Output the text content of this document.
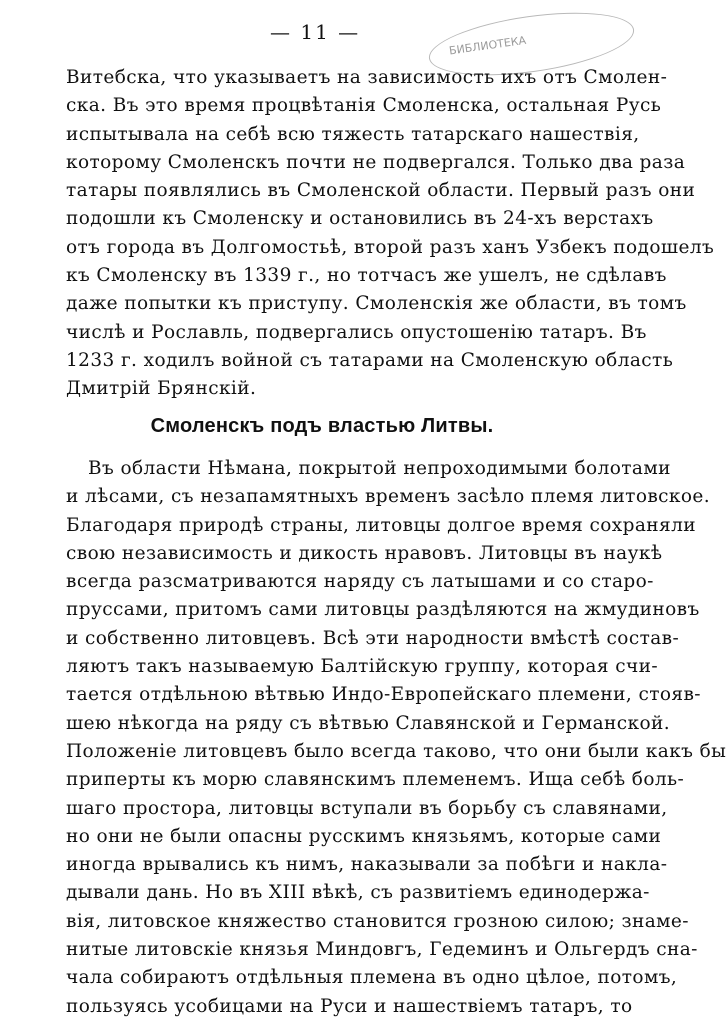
— 11 —
БИБЛИОТЕКА
Витебска, что указываетъ на зависимость ихъ отъ Смолен-
ска. Въ это время процвѣтанія Смоленска, остальная Русь
испытывала на себѣ всю тяжесть татарскаго нашествія,
которому Смоленскъ почти не подвергался. Только два раза
татары появлялись въ Смоленской области. Первый разъ они
подошли къ Смоленску и остановились въ 24-хъ верстахъ
отъ города въ Долгомостьѣ, второй разъ ханъ Узбекъ подошелъ
къ Смоленску въ 1339 г., но тотчасъ же ушелъ, не сдѣлавъ
даже попытки къ приступу. Смоленскія же области, въ томъ
числѣ и Рославль, подвергались опустошенію татаръ. Въ
1233 г. ходилъ войной съ татарами на Смоленскую область
Дмитрій Брянскій.
Смоленскъ подъ властью Литвы.
Въ области Нѣмана, покрытой непроходимыми болотами
и лѣсами, съ незапамятныхъ временъ засѣло племя литовское.
Благодаря природѣ страны, литовцы долгое время сохраняли
свою независимость и дикость нравовъ. Литовцы въ наукѣ
всегда разсматриваются наряду съ латышами и со старо-
пруссами, притомъ сами литовцы раздѣляются на жмудиновъ
и собственно литовцевъ. Всѣ эти народности вмѣстѣ состав-
ляютъ такъ называемую Балтійскую группу, которая счи-
тается отдѣльною вѣтвью Индо-Европейскаго племени, стояв-
шею нѣкогда на ряду съ вѣтвью Славянской и Германской.
Положеніе литовцевъ было всегда таково, что они были какъ бы
приперты къ морю славянскимъ племенемъ. Ища себѣ боль-
шаго простора, литовцы вступали въ борьбу съ славянами,
но они не были опасны русскимъ князьямъ, которые сами
иногда врывались къ нимъ, наказывали за побѣги и накла-
дывали дань. Но въ XIII вѣкѣ, съ развитіемъ единодержа-
вія, литовское княжество становится грозною силою; знаме-
нитые литовскіе князья Миндовгъ, Гедеминъ и Ольгердъ сна-
чала собираютъ отдѣльныя племена въ одно цѣлое, потомъ,
пользуясь усобицами на Руси и нашествіемъ татаръ, то
